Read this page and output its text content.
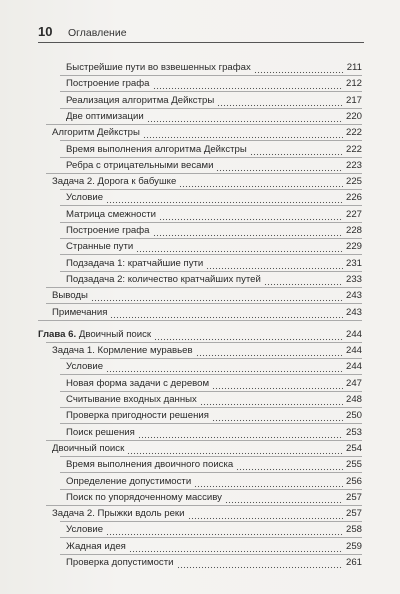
10	Оглавление
Быстрейшие пути во взвешенных графах	211
Построение графа	212
Реализация алгоритма Дейкстры	217
Две оптимизации	220
Алгоритм Дейкстры	222
Время выполнения алгоритма Дейкстры	222
Ребра с отрицательными весами	223
Задача 2. Дорога к бабушке	225
Условие	226
Матрица смежности	227
Построение графа	228
Странные пути	229
Подзадача 1: кратчайшие пути	231
Подзадача 2: количество кратчайших путей	233
Выводы	243
Примечания	243
Глава 6. Двоичный поиск	244
Задача 1. Кормление муравьев	244
Условие	244
Новая форма задачи с деревом	247
Считывание входных данных	248
Проверка пригодности решения	250
Поиск решения	253
Двоичный поиск	254
Время выполнения двоичного поиска	255
Определение допустимости	256
Поиск по упорядоченному массиву	257
Задача 2. Прыжки вдоль реки	257
Условие	258
Жадная идея	259
Проверка допустимости	261
